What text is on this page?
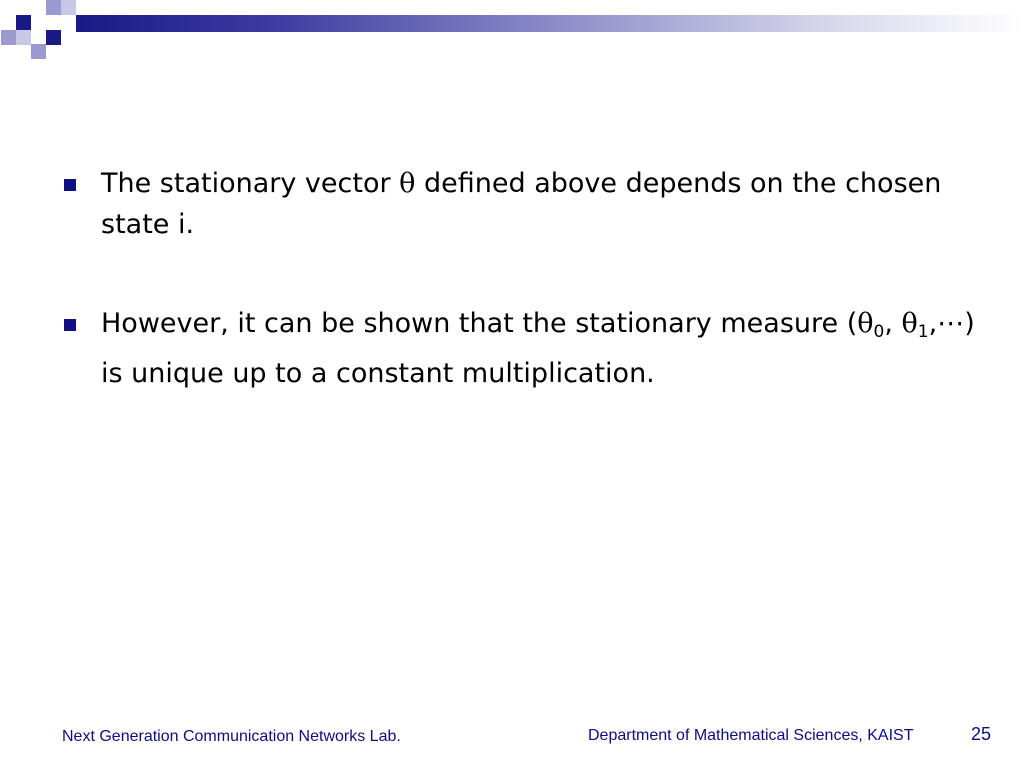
The stationary vector θ defined above depends on the chosen state i.
However, it can be shown that the stationary measure ($\theta_0$, $\theta_1,\cdots$) is unique up to a constant multiplication.
Next Generation Communication Networks Lab.	Department of Mathematical Sciences, KAIST	25
